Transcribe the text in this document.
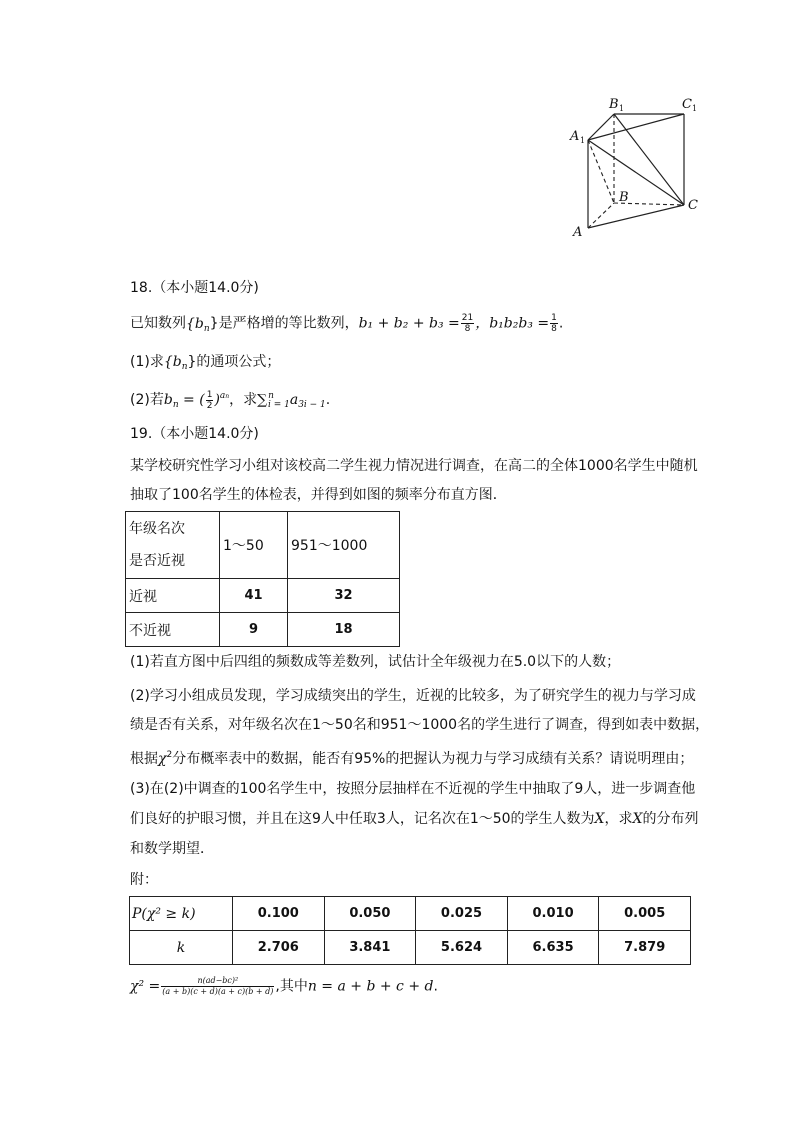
A 1
B 1	C 1
B
C
A
18.（本小题14.0分)
已知数列$\{b_n\}$是严格增的等比数列，$b_1 + b_2 + b_3 = \frac{21}{8}$ ，$b_1b_2b_3 = \frac{1}{8}$ .
(1)求$\{b_n\}$的通项公式；
(2)若$b_n$ = ( $\frac{1}{2} )^{an}$，求$\sum^n_{i = 1}a_{3i - 1}$.
19.（本小题14.0分)
某学校研究性学习小组对该校高二学生视力情况进行调查，在高二的全体1000名学生中随机
抽取了100名学生的体检表，并得到如图的频率分布直方图．
年级名次
是否近视	1～50	951～1000
近视	41	32
不近视	9	18
(1)若直方图中后四组的频数成等差数列，试估计全年级视力在5.0以下的人数；
(2)学习小组成员发现，学习成绩突出的学生，近视的比较多，为了研究学生的视力与学习成
绩是否有关系，对年级名次在1～50名和951～1000名的学生进行了调查，得到如表中数据，
根据$\chi^2$分布概率表中的数据，能否有95%的把握认为视力与学习成绩有关系？请说明理由；
(3)在(2)中调查的100名学生中，按照分层抽样在不近视的学生中抽取了9人，进一步调查他
们良好的护眼习惯，并且在这9人中任取3人，记名次在1～50的学生人数为X，求X的分布列
和数学期望．
附：
P(χ² ≥ k)	0.100	0.050	0.025	0.010	0.005
k	2.706	3.841	5.624	6.635	7.879
$\chi^2 = \frac{\text{n(ad−bc)²}}{(a + b)(c + d)(a + c)(b + d)}$ ,其中n = a + b + c + d.
